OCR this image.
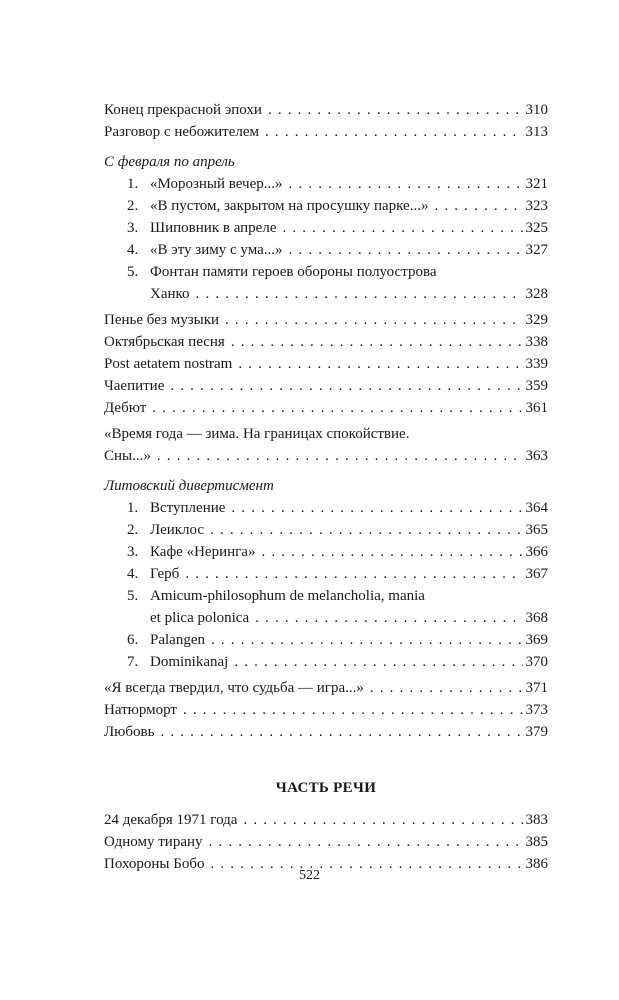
Конец прекрасной эпохи . . .	310
Разговор с небожителем . . .	313
С февраля по апрель
1. «Морозный вечер...» . . .	321
2. «В пустом, закрытом на просушку парке...» . . .	323
3. Шиповник в апреле . . .	325
4. «В эту зиму с ума...» . . .	327
5. Фонтан памяти героев обороны полуострова
Ханко . . .	328
Пенье без музыки . . .	329
Октябрьская песня . . .	338
Post aetatem nostram . . .	339
Чаепитие . . .	359
Дебют . . .	361
«Время года — зима. На границах спокойствие.
Сны...» . . .	363
Литовский дивертисмент
1. Вступление . . .	364
2. Леиклос . . .	365
3. Кафе «Неринга» . . .	366
4. Герб . . .	367
5. Amicum-philosophum de melancholia, mania
et plica polonica . . .	368
6. Palangen . . .	369
7. Dominikanaj . . .	370
«Я всегда твердил, что судьба — игра...» . . .	371
Натюрморт . . .	373
Любовь . . .	379
ЧАСТЬ РЕЧИ
24 декабря 1971 года . . .	383
Одному тирану . . .	385
Похороны Бобо . . .	386
522
